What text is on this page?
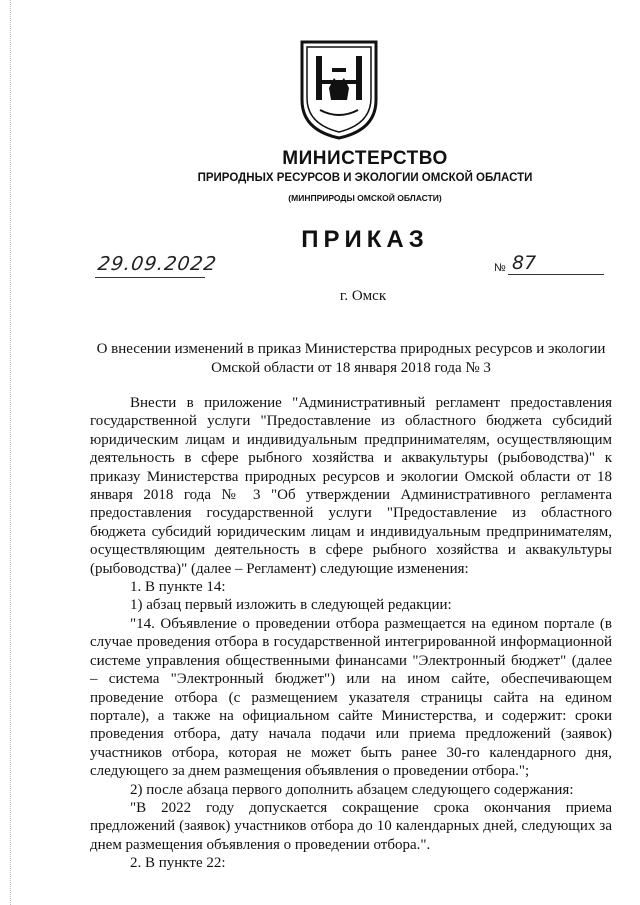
МИНИСТЕРСТВО
ПРИРОДНЫХ РЕСУРСОВ И ЭКОЛОГИИ ОМСКОЙ ОБЛАСТИ
(МИНПРИРОДЫ ОМСКОЙ ОБЛАСТИ)
ПРИКАЗ
29.09.2022	№ 87
г. Омск
О внесении изменений в приказ Министерства природных ресурсов и экологии Омской области от 18 января 2018 года № 3

Внести в приложение "Административный регламент предоставления государственной услуги "Предоставление из областного бюджета субсидий юридическим лицам и индивидуальным предпринимателям, осуществляющим деятельность в сфере рыбного хозяйства и аквакультуры (рыбоводства)" к приказу Министерства природных ресурсов и экологии Омской области от 18 января 2018 года № 3 "Об утверждении Административного регламента предоставления государственной услуги "Предоставление из областного бюджета субсидий юридическим лицам и индивидуальным предпринимателям, осуществляющим деятельность в сфере рыбного хозяйства и аквакультуры (рыбоводства)" (далее – Регламент) следующие изменения:

1. В пункте 14:

1) абзац первый изложить в следующей редакции:

"14. Объявление о проведении отбора размещается на едином портале (в случае проведения отбора в государственной интегрированной информационной системе управления общественными финансами "Электронный бюджет" (далее – система "Электронный бюджет") или на ином сайте, обеспечивающем проведение отбора (с размещением указателя страницы сайта на едином портале), а также на официальном сайте Министерства, и содержит: сроки проведения отбора, дату начала подачи или приема предложений (заявок) участников отбора, которая не может быть ранее 30-го календарного дня, следующего за днем размещения объявления о проведении отбора.";

2) после абзаца первого дополнить абзацем следующего содержания:

"В 2022 году допускается сокращение срока окончания приема предложений (заявок) участников отбора до 10 календарных дней, следующих за днем размещения объявления о проведении отбора.".

2. В пункте 22:
